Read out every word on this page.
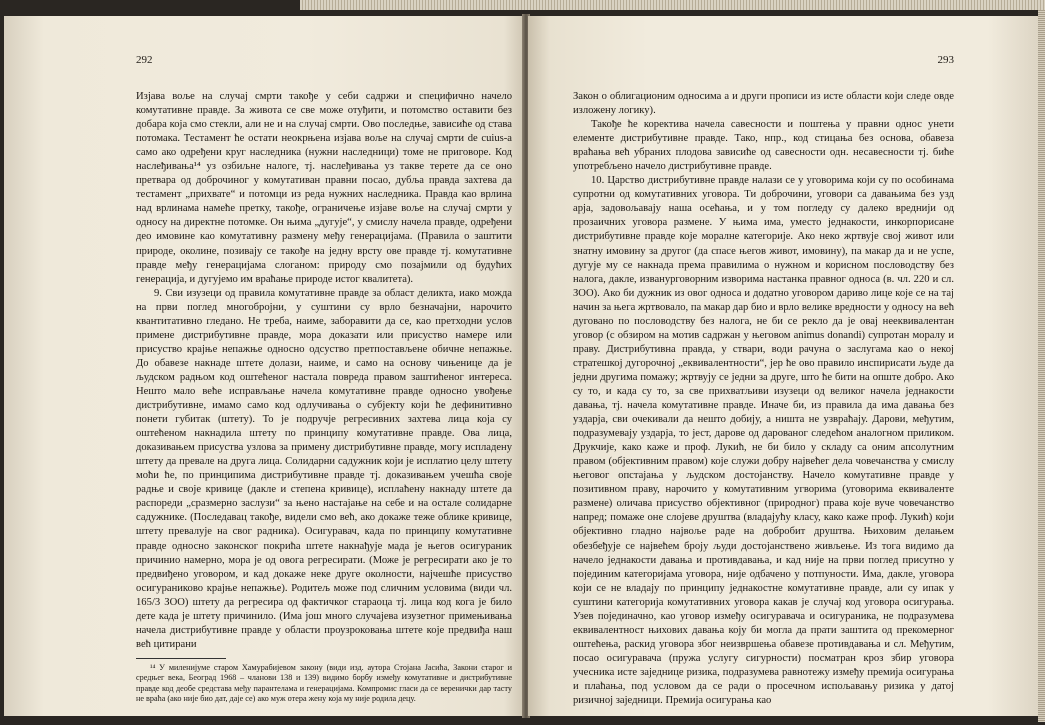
292

Изјава воље на случај смрти такође у себи садржи и специфично начело комутативне правде. За живота се све може отуђити, и потомство оставити без добара која смо стекли, али не и на случај смрти. Ово последње, зависиће од става потомака. Тестамент ће остати неокрњена изјава воље на случај смрти de cuius-a само ако одређени круг наследника (нужни наследници) томе не приговоре. Код наслеђивања¹⁴ уз озбиљне налоге, тј. наслеђивања уз такве терете да се оно претвара од доброчиног у комутативан правни посао, дубља правда захтева да тестамент „прихвате“ и потомци из реда нужних наследника. Правда као врлина над врлинама намеће претку, такође, ограничење изјаве воље на случај смрти у односу на директне потомке. Он њима „дугује“, у смислу начела правде, одређени део имовине као комутативну размену међу генерацијама. (Правила о заштити природе, околине, позивају се такође на једну врсту ове правде тј. комутативне правде међу генерацијама слоганом: природу смо позајмили од будућих генерација, и дугујемо им враћање природе истог квалитета).

9. Сви изузеци од правила комутативне правде за област деликта, иако можда на први поглед многобројни, у суштини су врло безначајни, нарочито квантитативно гледано. Не треба, наиме, заборавити да се, као претходни услов примене дистрибутивне правде, мора доказати или присуство намере или присуство крајње непажње односно одсуство претпостављене обичне непажње. До обавезе накнаде штете долази, наиме, и само на основу чињенице да је људском радњом код оштећеног настала повреда правом заштићеног интереса. Нешто мало веће исправљање начела комутативне правде односно увођење дистрибутивне, имамо само код одлучивања о субјекту који ће дефинитивно понети губитак (штету). То је подручје регресивних захтева лица која су оштећеном накнадила штету по принципу комутативне правде. Ова лица, доказивањем присуства узлова за примену дистрибутивне правде, могу испладену штету да превале на друга лица. Солидарни садужник који је исплатио целу штету моћи ће, по принципима дистрибутивне правде тј. доказивањем учешћа своје радње и своје кривице (дакле и степена кривице), исплаћену накнаду штете да распореди „сразмерно заслузи“ за њено настајање на себе и на остале солидарне садужнике. (Последавац такође, видели смо већ, ако докаже теже облике кривице, штету превалује на свог радника). Осигуравач, када по принципу комутативне правде односно законског покрића штете накнађује мада је његов осигураник причинио намерно, мора је од овога регресирати. (Може је регресирати ако је то предвиђено уговором, и кад докаже неке друге околности, најчешће присуство осигураниково крајње непажње). Родитељ може под сличним условима (види чл. 165/3 ЗОО) штету да регресира од фактичког стараоца тј. лица код кога је било дете када је штету причинило. (Има још много случајева изузетног примењивања начела дистрибутивне правде у области проузроковања штете које предвиђа наш већ цитирани

¹⁴ У миленијуме старом Хамурабијевом закону (види изд. аутора Стојана Јасића, Закони старог и средњег века, Београд 1968 – чланови 138 и 139) видимо борбу између комутативне и дистрибутивне правде код деобе средстава међу парантелама и генерацијама. Компромис гласи да се веренички дар тасту не враћа (ако није био дат, даје се) ако муж отера жену која му није родила децу.

293

Закон о облигационим односима а и други прописи из исте области који следе овде изложену логику).

Такође ће коректива начела савесности и поштења у правни однос унети елементе дистрибутивне правде. Тако, нпр., код стицања без основа, обавеза враћања већ убраних плодова зависиће од савесности одн. несавесности тј. биће употребљено начело дистрибутивне правде.

10. Царство дистрибутивне правде налази се у уговорима који су по особинама супротни од комутативних уговора. Ти доброчини, уговори са давањима без узд арја, задовољавају наша осећања, и у том погледу су далеко вреднији од прозаичних уговора размене. У њима има, уместо једнакости, инкорпорисане дистрибутивне правде које моралне категорије. Ако неко жртвује свој живот или знатну имовину за другог (да спасе његов живот, имовину), па макар да и не успе, дугује му се накнада према правилима о нужном и корисном пословодству без налога, дакле, изванурговорним изворима настанка правног односа (в. чл. 220 и сл. ЗОО). Ако би дужник из овог односа и додатно уговором дариво лице које се на тај начин за њега жртвовало, па макар дар био и врло велике вредности у односу на већ дуговано по пословодству без налога, не би се рекло да је овај нееквивалентан уговор (с обзиром на мотив садржан у његовом animus donandi) супротан моралу и праву. Дистрибутивна правда, у ствари, води рачуна о заслугама као о некој стратешкој дугорочној „еквивалентности“, јер ће ово правило инспирисати људе да једни другима помажу; жртвују се једни за друге, што ће бити на опште добро. Ако су то, и када су то, за све прихватљиви изузеци од великог начела једнакости давања, тј. начела комутативне правде. Иначе би, из правила да има давања без уздарја, сви очекивали да нешто добију, а ништа не узвраћају. Дарови, међутим, подразумевају уздарја, то јест, дарове од дарованог следећом аналогном приликом. Друкчије, како каже и проф. Лукић, не би било у складу са оним апсолутним правом (објективним правом) које служи добру највећег дела човечанства у смислу његовог опстајања у људском достојанству. Начело комутативне правде у позитивном праву, нарочито у комутативним угворима (уговорима еквиваленте размене) оличава присуство објективног (природног) права које вуче човечанство напред; помаже оне слојеве друштва (владајућу класу, како каже проф. Лукић) који објективно гладно највоље раде на добробит друштва. Њиховим делањем обезбеђује се највећем броју људи достојанствено живљење. Из тога видимо да начело једнакости давања и противдавања, и кад није на први поглед присутно у појединим категоријама уговора, није одбачено у потпуности. Има, дакле, уговора који се не владају по принципу једнакостне комутативне правде, али су ипак у суштини категорија комутативних уговора какав је случај код уговора осигурања. Узев појединачно, као уговор између осигуравача и осигураника, не подразумева еквивалентност њихових давања коју би могла да прати заштита од прекомерног оштећења, раскид уговора због неизвршења обавезе противдавања и сл. Међутим, посао осигуравача (пружа услугу сигурности) посматран кроз збир уговора учесника исте заједнице ризика, подразумева равнотежу између премија осигурања и плаћања, под условом да се ради о просечном испољавању ризика у датој ризичној заједници. Премија осигурања као
